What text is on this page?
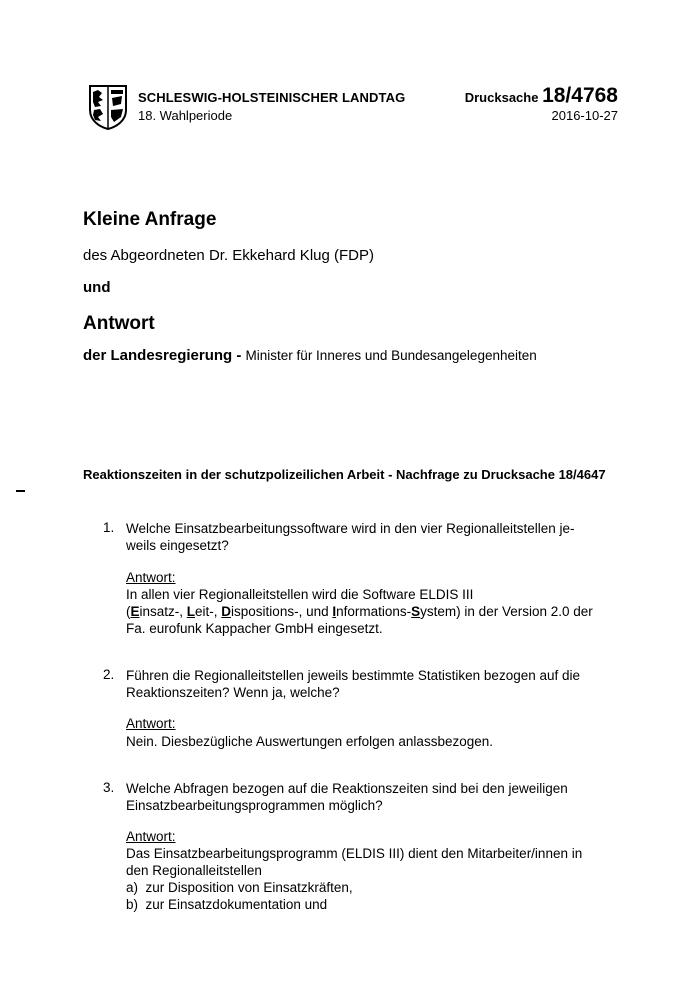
SCHLESWIG-HOLSTEINISCHER LANDTAG
18. Wahlperiode
Drucksache 18/4768
2016-10-27
Kleine Anfrage
des Abgeordneten Dr. Ekkehard Klug (FDP)
und
Antwort
der Landesregierung - Minister für Inneres und Bundesangelegenheiten
Reaktionszeiten in der schutzpolizeilichen Arbeit - Nachfrage zu Drucksache 18/4647
1. Welche Einsatzbearbeitungssoftware wird in den vier Regionalleitstellen je-
weils eingesetzt?
Antwort:
In allen vier Regionalleitstellen wird die Software ELDIS III
(Einsatz-, Leit-, Dispositions-, und Informations-System) in der Version 2.0 der
Fa. eurofunk Kappacher GmbH eingesetzt.
2. Führen die Regionalleitstellen jeweils bestimmte Statistiken bezogen auf die
Reaktionszeiten? Wenn ja, welche?
Antwort:
Nein. Diesbezügliche Auswertungen erfolgen anlassbezogen.
3. Welche Abfragen bezogen auf die Reaktionszeiten sind bei den jeweiligen
Einsatzbearbeitungsprogrammen möglich?
Antwort:
Das Einsatzbearbeitungsprogramm (ELDIS III) dient den Mitarbeiter/innen in
den Regionalleitstellen
a) zur Disposition von Einsatzkräften,
b) zur Einsatzdokumentation und
